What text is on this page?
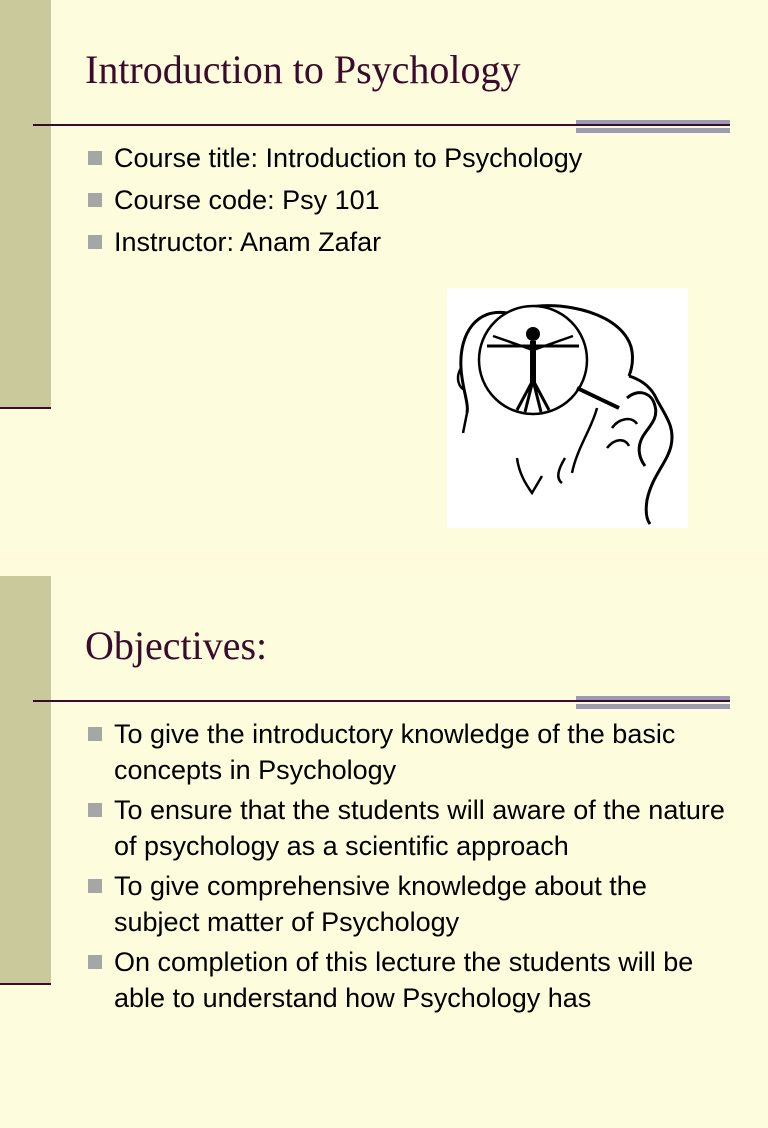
Introduction to Psychology
Course title: Introduction to Psychology
Course code: Psy 101
Instructor: Anam Zafar
Objectives:
To give the introductory knowledge of the basic concepts in Psychology
To ensure that the students will aware of the nature of psychology as a scientific approach
To give comprehensive knowledge about the subject matter of Psychology
On completion of this lecture the students will be able to understand how Psychology has
